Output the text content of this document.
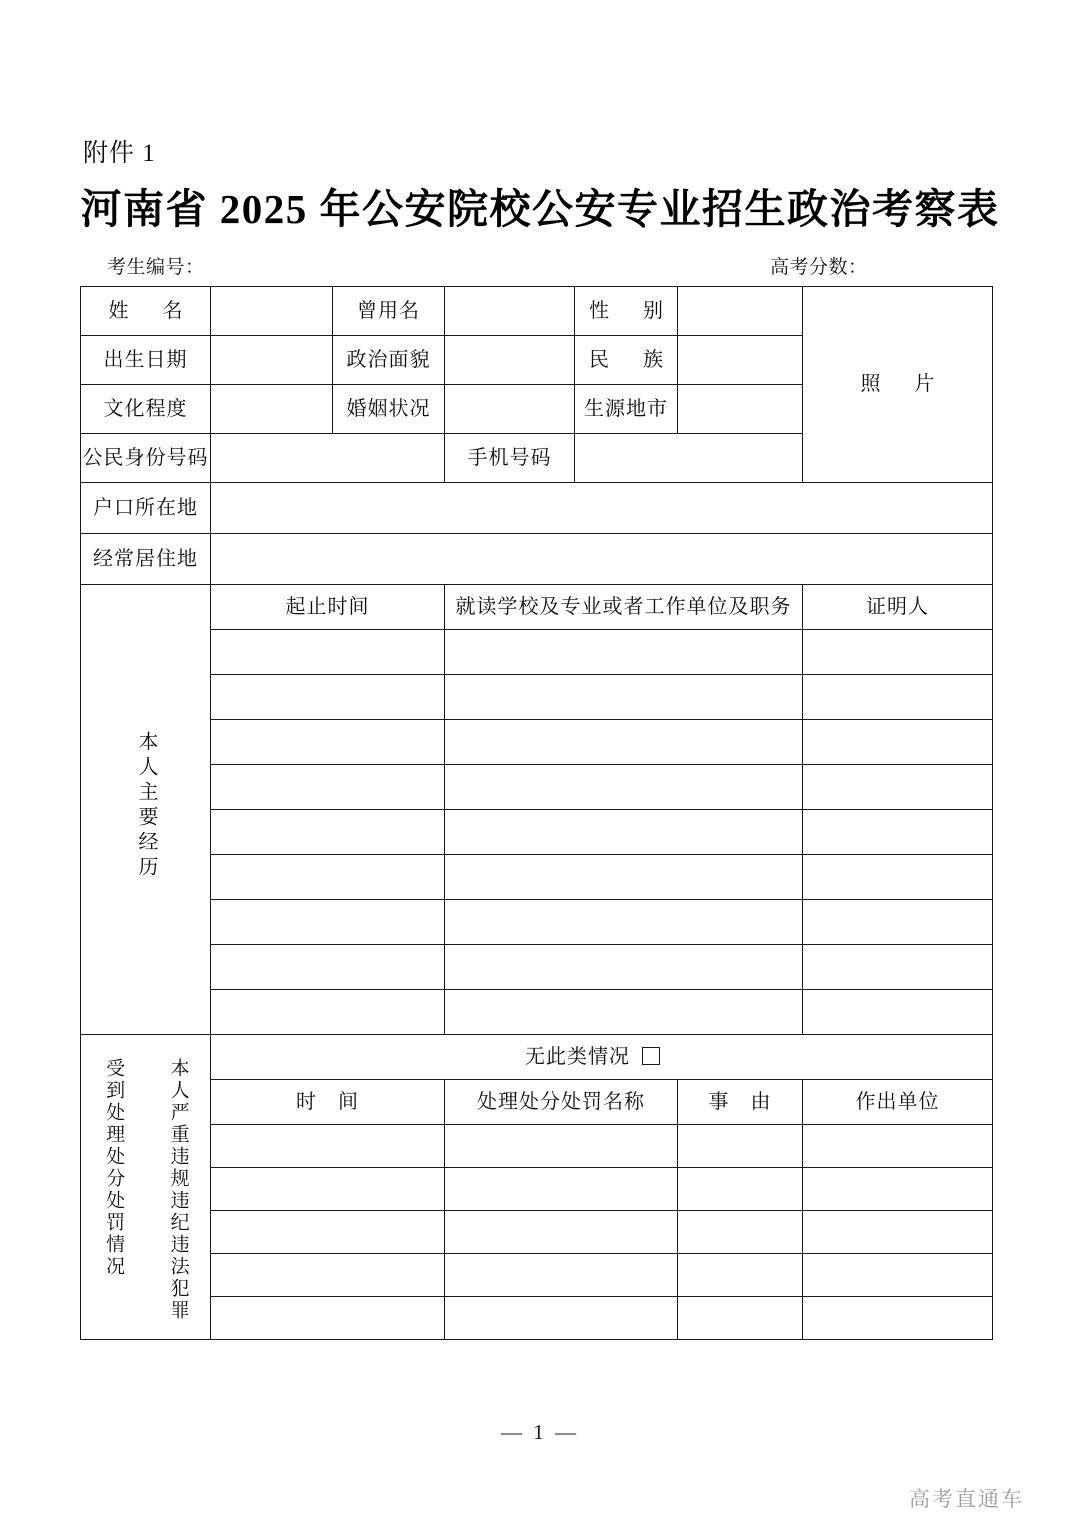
附件 1
河南省 2025 年公安院校公安专业招生政治考察表
考生编号：	高考分数：
姓　名		曾用名		性　别		照　片
出生日期		政治面貌		民　族		
文化程度		婚姻状况		生源地市		
公民身份号码			手机号码			
户口所在地						
经常居住地						
本人主要经历	起止时间		就读学校及专业或者工作单位及职务			证明人

本人严重违规违纪违法犯罪
受到处理处分处罚情况	无此类情况					
	时　间		处理处分处罚名称		事　由	作出单位

— 1 —
高考直通车
